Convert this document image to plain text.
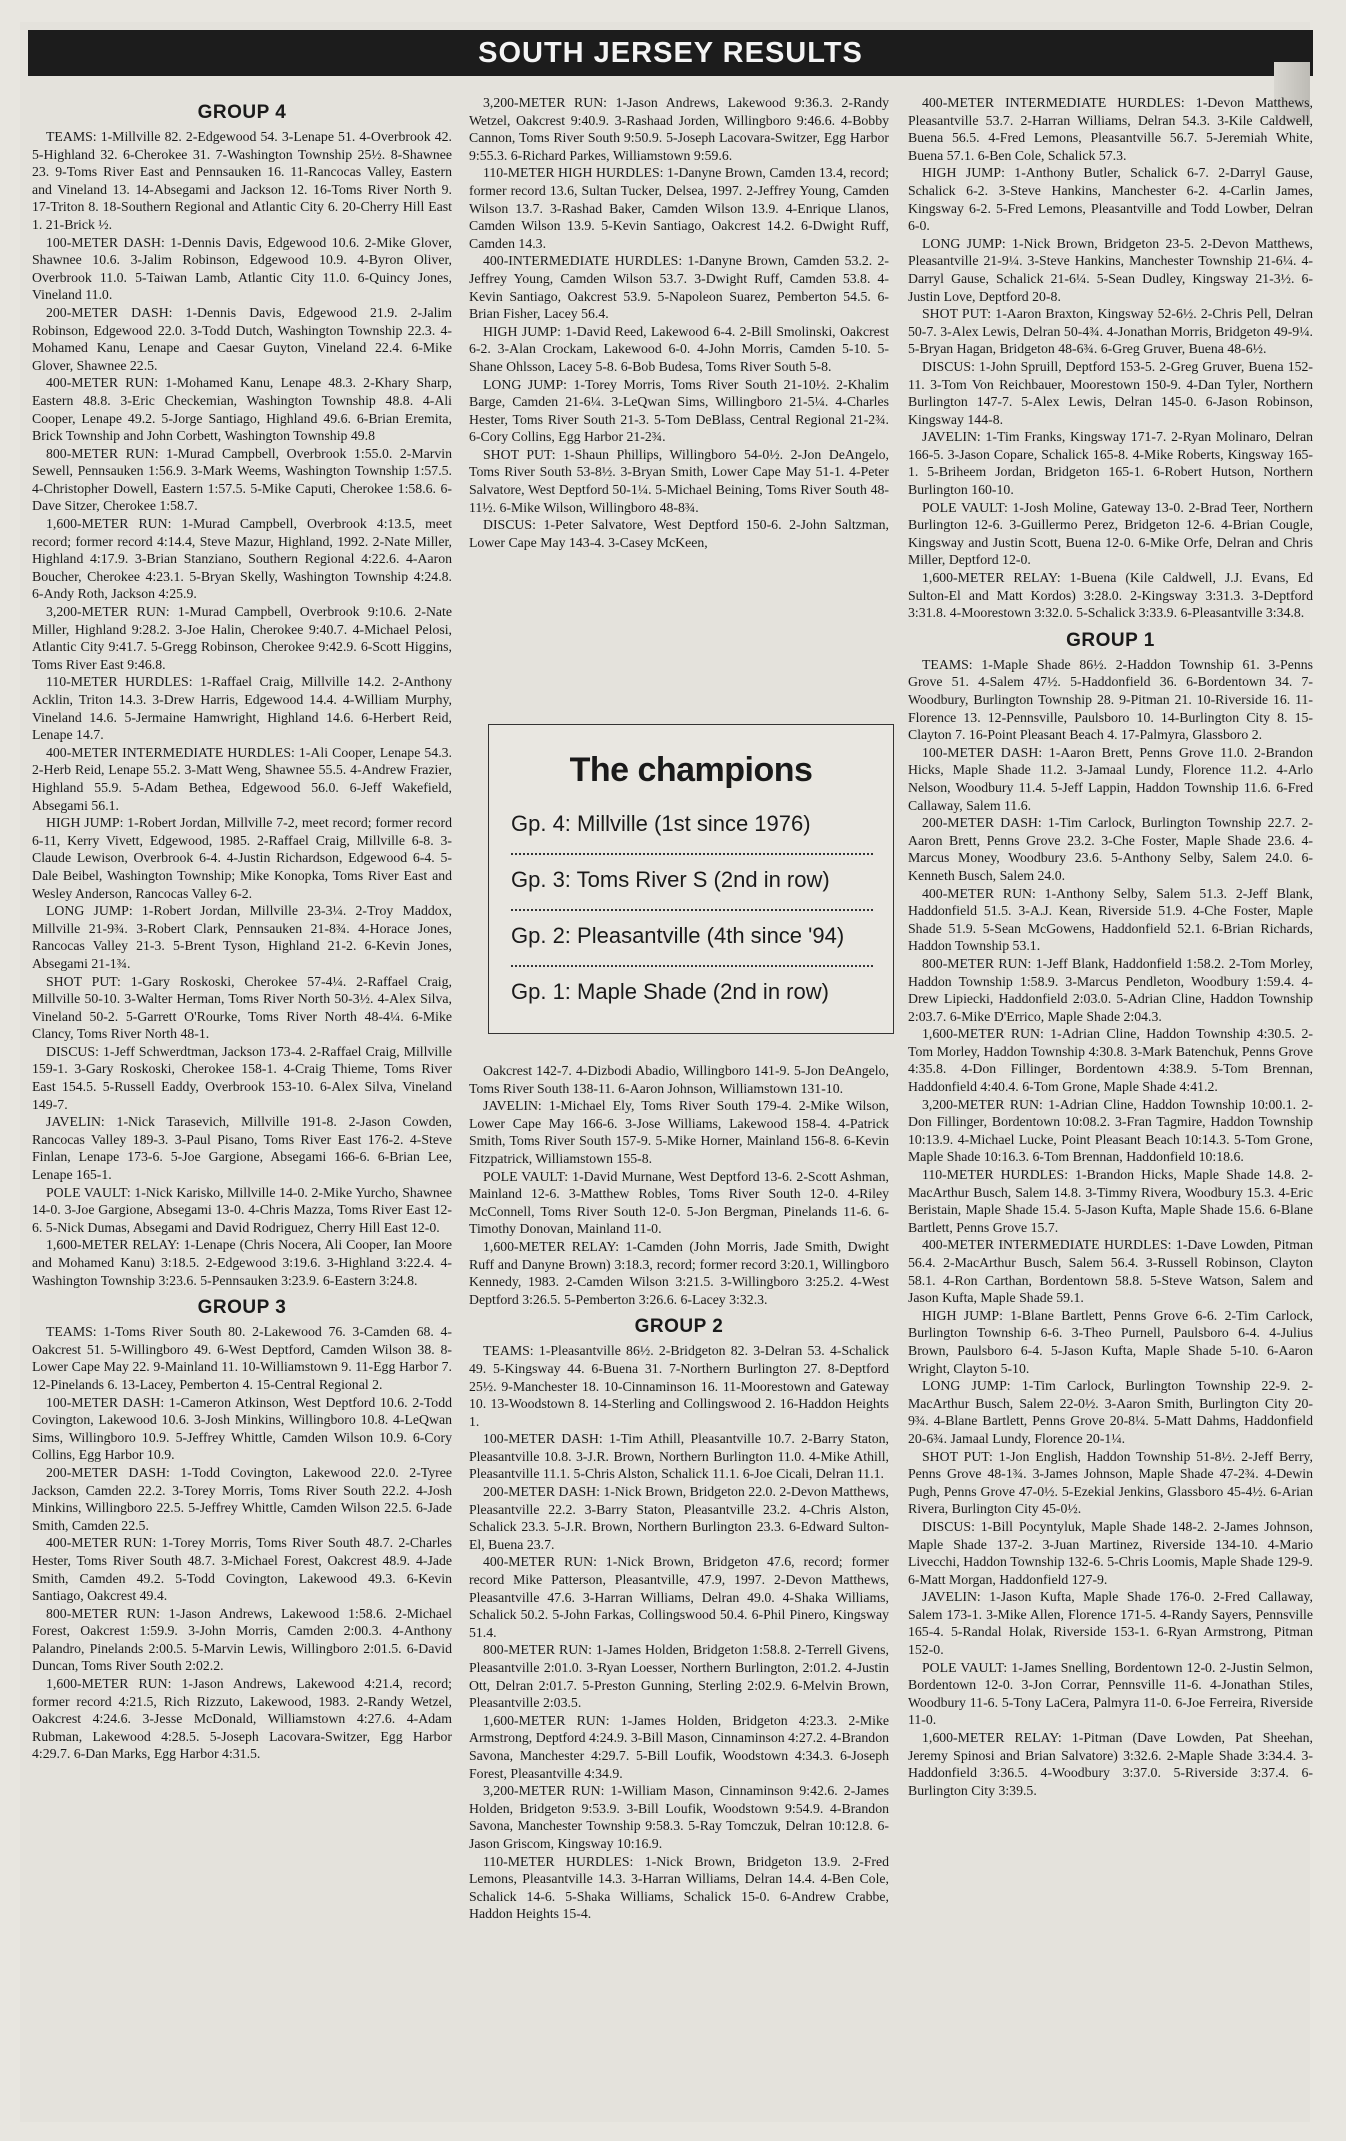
SOUTH JERSEY RESULTS
GROUP 4

TEAMS: 1-Millville 82. 2-Edgewood 54. 3-Lenape 51. 4-Overbrook 42. 5-Highland 32. 6-Cherokee 31. 7-Washington Township 25½. 8-Shawnee 23. 9-Toms River East and Pennsauken 16. 11-Rancocas Valley, Eastern and Vineland 13. 14-Absegami and Jackson 12. 16-Toms River North 9. 17-Triton 8. 18-Southern Regional and Atlantic City 6. 20-Cherry Hill East 1. 21-Brick ½.

100-METER DASH: 1-Dennis Davis, Edgewood 10.6. 2-Mike Glover, Shawnee 10.6. 3-Jalim Robinson, Edgewood 10.9. 4-Byron Oliver, Overbrook 11.0. 5-Taiwan Lamb, Atlantic City 11.0. 6-Quincy Jones, Vineland 11.0.

200-METER DASH: 1-Dennis Davis, Edgewood 21.9. 2-Jalim Robinson, Edgewood 22.0. 3-Todd Dutch, Washington Township 22.3. 4-Mohamed Kanu, Lenape and Caesar Guyton, Vineland 22.4. 6-Mike Glover, Shawnee 22.5.

400-METER RUN: 1-Mohamed Kanu, Lenape 48.3. 2-Khary Sharp, Eastern 48.8. 3-Eric Checkemian, Washington Township 48.8. 4-Ali Cooper, Lenape 49.2. 5-Jorge Santiago, Highland 49.6. 6-Brian Eremita, Brick Township and John Corbett, Washington Township 49.8

800-METER RUN: 1-Murad Campbell, Overbrook 1:55.0. 2-Marvin Sewell, Pennsauken 1:56.9. 3-Mark Weems, Washington Township 1:57.5. 4-Christopher Dowell, Eastern 1:57.5. 5-Mike Caputi, Cherokee 1:58.6. 6-Dave Sitzer, Cherokee 1:58.7.

1,600-METER RUN: 1-Murad Campbell, Overbrook 4:13.5, meet record; former record 4:14.4, Steve Mazur, Highland, 1992. 2-Nate Miller, Highland 4:17.9. 3-Brian Stanziano, Southern Regional 4:22.6. 4-Aaron Boucher, Cherokee 4:23.1. 5-Bryan Skelly, Washington Township 4:24.8. 6-Andy Roth, Jackson 4:25.9.

3,200-METER RUN: 1-Murad Campbell, Overbrook 9:10.6. 2-Nate Miller, Highland 9:28.2. 3-Joe Halin, Cherokee 9:40.7. 4-Michael Pelosi, Atlantic City 9:41.7. 5-Gregg Robinson, Cherokee 9:42.9. 6-Scott Higgins, Toms River East 9:46.8.

110-METER HURDLES: 1-Raffael Craig, Millville 14.2. 2-Anthony Acklin, Triton 14.3. 3-Drew Harris, Edgewood 14.4. 4-William Murphy, Vineland 14.6. 5-Jermaine Hamwright, Highland 14.6. 6-Herbert Reid, Lenape 14.7.

400-METER INTERMEDIATE HURDLES: 1-Ali Cooper, Lenape 54.3. 2-Herb Reid, Lenape 55.2. 3-Matt Weng, Shawnee 55.5. 4-Andrew Frazier, Highland 55.9. 5-Adam Bethea, Edgewood 56.0. 6-Jeff Wakefield, Absegami 56.1.

HIGH JUMP: 1-Robert Jordan, Millville 7-2, meet record; former record 6-11, Kerry Vivett, Edgewood, 1985. 2-Raffael Craig, Millville 6-8. 3-Claude Lewison, Overbrook 6-4. 4-Justin Richardson, Edgewood 6-4. 5-Dale Beibel, Washington Township; Mike Konopka, Toms River East and Wesley Anderson, Rancocas Valley 6-2.

LONG JUMP: 1-Robert Jordan, Millville 23-3¼. 2-Troy Maddox, Millville 21-9¾. 3-Robert Clark, Pennsauken 21-8¾. 4-Horace Jones, Rancocas Valley 21-3. 5-Brent Tyson, Highland 21-2. 6-Kevin Jones, Absegami 21-1¾.

SHOT PUT: 1-Gary Roskoski, Cherokee 57-4¼. 2-Raffael Craig, Millville 50-10. 3-Walter Herman, Toms River North 50-3½. 4-Alex Silva, Vineland 50-2. 5-Garrett O'Rourke, Toms River North 48-4¼. 6-Mike Clancy, Toms River North 48-1.

DISCUS: 1-Jeff Schwerdtman, Jackson 173-4. 2-Raffael Craig, Millville 159-1. 3-Gary Roskoski, Cherokee 158-1. 4-Craig Thieme, Toms River East 154.5. 5-Russell Eaddy, Overbrook 153-10. 6-Alex Silva, Vineland 149-7.

JAVELIN: 1-Nick Tarasevich, Millville 191-8. 2-Jason Cowden, Rancocas Valley 189-3. 3-Paul Pisano, Toms River East 176-2. 4-Steve Finlan, Lenape 173-6. 5-Joe Gargione, Absegami 166-6. 6-Brian Lee, Lenape 165-1.

POLE VAULT: 1-Nick Karisko, Millville 14-0. 2-Mike Yurcho, Shawnee 14-0. 3-Joe Gargione, Absegami 13-0. 4-Chris Mazza, Toms River East 12-6. 5-Nick Dumas, Absegami and David Rodriguez, Cherry Hill East 12-0.

1,600-METER RELAY: 1-Lenape (Chris Nocera, Ali Cooper, Ian Moore and Mohamed Kanu) 3:18.5. 2-Edgewood 3:19.6. 3-Highland 3:22.4. 4-Washington Township 3:23.6. 5-Pennsauken 3:23.9. 6-Eastern 3:24.8.

GROUP 3

TEAMS: 1-Toms River South 80. 2-Lakewood 76. 3-Camden 68. 4-Oakcrest 51. 5-Willingboro 49. 6-West Deptford, Camden Wilson 38. 8-Lower Cape May 22. 9-Mainland 11. 10-Williamstown 9. 11-Egg Harbor 7. 12-Pinelands 6. 13-Lacey, Pemberton 4. 15-Central Regional 2.

100-METER DASH: 1-Cameron Atkinson, West Deptford 10.6. 2-Todd Covington, Lakewood 10.6. 3-Josh Minkins, Willingboro 10.8. 4-LeQwan Sims, Willingboro 10.9. 5-Jeffrey Whittle, Camden Wilson 10.9. 6-Cory Collins, Egg Harbor 10.9.

200-METER DASH: 1-Todd Covington, Lakewood 22.0. 2-Tyree Jackson, Camden 22.2. 3-Torey Morris, Toms River South 22.2. 4-Josh Minkins, Willingboro 22.5. 5-Jeffrey Whittle, Camden Wilson 22.5. 6-Jade Smith, Camden 22.5.

400-METER RUN: 1-Torey Morris, Toms River South 48.7. 2-Charles Hester, Toms River South 48.7. 3-Michael Forest, Oakcrest 48.9. 4-Jade Smith, Camden 49.2. 5-Todd Covington, Lakewood 49.3. 6-Kevin Santiago, Oakcrest 49.4.

800-METER RUN: 1-Jason Andrews, Lakewood 1:58.6. 2-Michael Forest, Oakcrest 1:59.9. 3-John Morris, Camden 2:00.3. 4-Anthony Palandro, Pinelands 2:00.5. 5-Marvin Lewis, Willingboro 2:01.5. 6-David Duncan, Toms River South 2:02.2.

1,600-METER RUN: 1-Jason Andrews, Lakewood 4:21.4, record; former record 4:21.5, Rich Rizzuto, Lakewood, 1983. 2-Randy Wetzel, Oakcrest 4:24.6. 3-Jesse McDonald, Williamstown 4:27.6. 4-Adam Rubman, Lakewood 4:28.5. 5-Joseph Lacovara-Switzer, Egg Harbor 4:29.7. 6-Dan Marks, Egg Harbor 4:31.5.

3,200-METER RUN: 1-Jason Andrews, Lakewood 9:36.3. 2-Randy Wetzel, Oakcrest 9:40.9. 3-Rashaad Jorden, Willingboro 9:46.6. 4-Bobby Cannon, Toms River South 9:50.9. 5-Joseph Lacovara-Switzer, Egg Harbor 9:55.3. 6-Richard Parkes, Williamstown 9:59.6.

110-METER HIGH HURDLES: 1-Danyne Brown, Camden 13.4, record; former record 13.6, Sultan Tucker, Delsea, 1997. 2-Jeffrey Young, Camden Wilson 13.7. 3-Rashad Baker, Camden Wilson 13.9. 4-Enrique Llanos, Camden Wilson 13.9. 5-Kevin Santiago, Oakcrest 14.2. 6-Dwight Ruff, Camden 14.3.

400-INTERMEDIATE HURDLES: 1-Danyne Brown, Camden 53.2. 2-Jeffrey Young, Camden Wilson 53.7. 3-Dwight Ruff, Camden 53.8. 4-Kevin Santiago, Oakcrest 53.9. 5-Napoleon Suarez, Pemberton 54.5. 6-Brian Fisher, Lacey 56.4.

HIGH JUMP: 1-David Reed, Lakewood 6-4. 2-Bill Smolinski, Oakcrest 6-2. 3-Alan Crockam, Lakewood 6-0. 4-John Morris, Camden 5-10. 5-Shane Ohlsson, Lacey 5-8. 6-Bob Budesa, Toms River South 5-8.

LONG JUMP: 1-Torey Morris, Toms River South 21-10½. 2-Khalim Barge, Camden 21-6¼. 3-LeQwan Sims, Willingboro 21-5¼. 4-Charles Hester, Toms River South 21-3. 5-Tom DeBlass, Central Regional 21-2¾. 6-Cory Collins, Egg Harbor 21-2¾.

SHOT PUT: 1-Shaun Phillips, Willingboro 54-0½. 2-Jon DeAngelo, Toms River South 53-8½. 3-Bryan Smith, Lower Cape May 51-1. 4-Peter Salvatore, West Deptford 50-1¼. 5-Michael Beining, Toms River South 48-11½. 6-Mike Wilson, Willingboro 48-8¾.

DISCUS: 1-Peter Salvatore, West Deptford 150-6. 2-John Saltzman, Lower Cape May 143-4. 3-Casey McKeen,

The champions
Gp. 4: Millville (1st since 1976)
Gp. 3: Toms River S (2nd in row)
Gp. 2: Pleasantville (4th since '94)
Gp. 1: Maple Shade (2nd in row)

Oakcrest 142-7. 4-Dizbodi Abadio, Willingboro 141-9. 5-Jon DeAngelo, Toms River South 138-11. 6-Aaron Johnson, Williamstown 131-10.

JAVELIN: 1-Michael Ely, Toms River South 179-4. 2-Mike Wilson, Lower Cape May 166-6. 3-Jose Williams, Lakewood 158-4. 4-Patrick Smith, Toms River South 157-9. 5-Mike Horner, Mainland 156-8. 6-Kevin Fitzpatrick, Williamstown 155-8.

POLE VAULT: 1-David Murnane, West Deptford 13-6. 2-Scott Ashman, Mainland 12-6. 3-Matthew Robles, Toms River South 12-0. 4-Riley McConnell, Toms River South 12-0. 5-Jon Bergman, Pinelands 11-6. 6-Timothy Donovan, Mainland 11-0.

1,600-METER RELAY: 1-Camden (John Morris, Jade Smith, Dwight Ruff and Danyne Brown) 3:18.3, record; former record 3:20.1, Willingboro Kennedy, 1983. 2-Camden Wilson 3:21.5. 3-Willingboro 3:25.2. 4-West Deptford 3:26.5. 5-Pemberton 3:26.6. 6-Lacey 3:32.3.

GROUP 2

TEAMS: 1-Pleasantville 86½. 2-Bridgeton 82. 3-Delran 53. 4-Schalick 49. 5-Kingsway 44. 6-Buena 31. 7-Northern Burlington 27. 8-Deptford 25½. 9-Manchester 18. 10-Cinnaminson 16. 11-Moorestown and Gateway 10. 13-Woodstown 8. 14-Sterling and Collingswood 2. 16-Haddon Heights 1.

100-METER DASH: 1-Tim Athill, Pleasantville 10.7. 2-Barry Staton, Pleasantville 10.8. 3-J.R. Brown, Northern Burlington 11.0. 4-Mike Athill, Pleasantville 11.1. 5-Chris Alston, Schalick 11.1. 6-Joe Cicali, Delran 11.1.

200-METER DASH: 1-Nick Brown, Bridgeton 22.0. 2-Devon Matthews, Pleasantville 22.2. 3-Barry Staton, Pleasantville 23.2. 4-Chris Alston, Schalick 23.3. 5-J.R. Brown, Northern Burlington 23.3. 6-Edward Sulton-El, Buena 23.7.

400-METER RUN: 1-Nick Brown, Bridgeton 47.6, record; former record Mike Patterson, Pleasantville, 47.9, 1997. 2-Devon Matthews, Pleasantville 47.6. 3-Harran Williams, Delran 49.0. 4-Shaka Williams, Schalick 50.2. 5-John Farkas, Collingswood 50.4. 6-Phil Pinero, Kingsway 51.4.

800-METER RUN: 1-James Holden, Bridgeton 1:58.8. 2-Terrell Givens, Pleasantville 2:01.0. 3-Ryan Loesser, Northern Burlington, 2:01.2. 4-Justin Ott, Delran 2:01.7. 5-Preston Gunning, Sterling 2:02.9. 6-Melvin Brown, Pleasantville 2:03.5.

1,600-METER RUN: 1-James Holden, Bridgeton 4:23.3. 2-Mike Armstrong, Deptford 4:24.9. 3-Bill Mason, Cinnaminson 4:27.2. 4-Brandon Savona, Manchester 4:29.7. 5-Bill Loufik, Woodstown 4:34.3. 6-Joseph Forest, Pleasantville 4:34.9.

3,200-METER RUN: 1-William Mason, Cinnaminson 9:42.6. 2-James Holden, Bridgeton 9:53.9. 3-Bill Loufik, Woodstown 9:54.9. 4-Brandon Savona, Manchester Township 9:58.3. 5-Ray Tomczuk, Delran 10:12.8. 6-Jason Griscom, Kingsway 10:16.9.

110-METER HURDLES: 1-Nick Brown, Bridgeton 13.9. 2-Fred Lemons, Pleasantville 14.3. 3-Harran Williams, Delran 14.4. 4-Ben Cole, Schalick 14-6. 5-Shaka Williams, Schalick 15-0. 6-Andrew Crabbe, Haddon Heights 15-4.

400-METER INTERMEDIATE HURDLES: 1-Devon Matthews, Pleasantville 53.7. 2-Harran Williams, Delran 54.3. 3-Kile Caldwell, Buena 56.5. 4-Fred Lemons, Pleasantville 56.7. 5-Jeremiah White, Buena 57.1. 6-Ben Cole, Schalick 57.3.

HIGH JUMP: 1-Anthony Butler, Schalick 6-7. 2-Darryl Gause, Schalick 6-2. 3-Steve Hankins, Manchester 6-2. 4-Carlin James, Kingsway 6-2. 5-Fred Lemons, Pleasantville and Todd Lowber, Delran 6-0.

LONG JUMP: 1-Nick Brown, Bridgeton 23-5. 2-Devon Matthews, Pleasantville 21-9¼. 3-Steve Hankins, Manchester Township 21-6¼. 4-Darryl Gause, Schalick 21-6¼. 5-Sean Dudley, Kingsway 21-3½. 6-Justin Love, Deptford 20-8.

SHOT PUT: 1-Aaron Braxton, Kingsway 52-6½. 2-Chris Pell, Delran 50-7. 3-Alex Lewis, Delran 50-4¾. 4-Jonathan Morris, Bridgeton 49-9¼. 5-Bryan Hagan, Bridgeton 48-6¾. 6-Greg Gruver, Buena 48-6½.

DISCUS: 1-John Spruill, Deptford 153-5. 2-Greg Gruver, Buena 152-11. 3-Tom Von Reichbauer, Moorestown 150-9. 4-Dan Tyler, Northern Burlington 147-7. 5-Alex Lewis, Delran 145-0. 6-Jason Robinson, Kingsway 144-8.

JAVELIN: 1-Tim Franks, Kingsway 171-7. 2-Ryan Molinaro, Delran 166-5. 3-Jason Copare, Schalick 165-8. 4-Mike Roberts, Kingsway 165-1. 5-Briheem Jordan, Bridgeton 165-1. 6-Robert Hutson, Northern Burlington 160-10.

POLE VAULT: 1-Josh Moline, Gateway 13-0. 2-Brad Teer, Northern Burlington 12-6. 3-Guillermo Perez, Bridgeton 12-6. 4-Brian Cougle, Kingsway and Justin Scott, Buena 12-0. 6-Mike Orfe, Delran and Chris Miller, Deptford 12-0.

1,600-METER RELAY: 1-Buena (Kile Caldwell, J.J. Evans, Ed Sulton-El and Matt Kordos) 3:28.0. 2-Kingsway 3:31.3. 3-Deptford 3:31.8. 4-Moorestown 3:32.0. 5-Schalick 3:33.9. 6-Pleasantville 3:34.8.

GROUP 1

TEAMS: 1-Maple Shade 86½. 2-Haddon Township 61. 3-Penns Grove 51. 4-Salem 47½. 5-Haddonfield 36. 6-Bordentown 34. 7-Woodbury, Burlington Township 28. 9-Pitman 21. 10-Riverside 16. 11-Florence 13. 12-Pennsville, Paulsboro 10. 14-Burlington City 8. 15-Clayton 7. 16-Point Pleasant Beach 4. 17-Palmyra, Glassboro 2.

100-METER DASH: 1-Aaron Brett, Penns Grove 11.0. 2-Brandon Hicks, Maple Shade 11.2. 3-Jamaal Lundy, Florence 11.2. 4-Arlo Nelson, Woodbury 11.4. 5-Jeff Lappin, Haddon Township 11.6. 6-Fred Callaway, Salem 11.6.

200-METER DASH: 1-Tim Carlock, Burlington Township 22.7. 2-Aaron Brett, Penns Grove 23.2. 3-Che Foster, Maple Shade 23.6. 4-Marcus Money, Woodbury 23.6. 5-Anthony Selby, Salem 24.0. 6-Kenneth Busch, Salem 24.0.

400-METER RUN: 1-Anthony Selby, Salem 51.3. 2-Jeff Blank, Haddonfield 51.5. 3-A.J. Kean, Riverside 51.9. 4-Che Foster, Maple Shade 51.9. 5-Sean McGowens, Haddonfield 52.1. 6-Brian Richards, Haddon Township 53.1.

800-METER RUN: 1-Jeff Blank, Haddonfield 1:58.2. 2-Tom Morley, Haddon Township 1:58.9. 3-Marcus Pendleton, Woodbury 1:59.4. 4-Drew Lipiecki, Haddonfield 2:03.0. 5-Adrian Cline, Haddon Township 2:03.7. 6-Mike D'Errico, Maple Shade 2:04.3.

1,600-METER RUN: 1-Adrian Cline, Haddon Township 4:30.5. 2-Tom Morley, Haddon Township 4:30.8. 3-Mark Batenchuk, Penns Grove 4:35.8. 4-Don Fillinger, Bordentown 4:38.9. 5-Tom Brennan, Haddonfield 4:40.4. 6-Tom Grone, Maple Shade 4:41.2.

3,200-METER RUN: 1-Adrian Cline, Haddon Township 10:00.1. 2-Don Fillinger, Bordentown 10:08.2. 3-Fran Tagmire, Haddon Township 10:13.9. 4-Michael Lucke, Point Pleasant Beach 10:14.3. 5-Tom Grone, Maple Shade 10:16.3. 6-Tom Brennan, Haddonfield 10:18.6.

110-METER HURDLES: 1-Brandon Hicks, Maple Shade 14.8. 2-MacArthur Busch, Salem 14.8. 3-Timmy Rivera, Woodbury 15.3. 4-Eric Beristain, Maple Shade 15.4. 5-Jason Kufta, Maple Shade 15.6. 6-Blane Bartlett, Penns Grove 15.7.

400-METER INTERMEDIATE HURDLES: 1-Dave Lowden, Pitman 56.4. 2-MacArthur Busch, Salem 56.4. 3-Russell Robinson, Clayton 58.1. 4-Ron Carthan, Bordentown 58.8. 5-Steve Watson, Salem and Jason Kufta, Maple Shade 59.1.

HIGH JUMP: 1-Blane Bartlett, Penns Grove 6-6. 2-Tim Carlock, Burlington Township 6-6. 3-Theo Purnell, Paulsboro 6-4. 4-Julius Brown, Paulsboro 6-4. 5-Jason Kufta, Maple Shade 5-10. 6-Aaron Wright, Clayton 5-10.

LONG JUMP: 1-Tim Carlock, Burlington Township 22-9. 2-MacArthur Busch, Salem 22-0½. 3-Aaron Smith, Burlington City 20-9¾. 4-Blane Bartlett, Penns Grove 20-8¼. 5-Matt Dahms, Haddonfield 20-6¾. Jamaal Lundy, Florence 20-1¼.

SHOT PUT: 1-Jon English, Haddon Township 51-8½. 2-Jeff Berry, Penns Grove 48-1¾. 3-James Johnson, Maple Shade 47-2¾. 4-Dewin Pugh, Penns Grove 47-0½. 5-Ezekial Jenkins, Glassboro 45-4½. 6-Arian Rivera, Burlington City 45-0½.

DISCUS: 1-Bill Pocyntyluk, Maple Shade 148-2. 2-James Johnson, Maple Shade 137-2. 3-Juan Martinez, Riverside 134-10. 4-Mario Livecchi, Haddon Township 132-6. 5-Chris Loomis, Maple Shade 129-9. 6-Matt Morgan, Haddonfield 127-9.

JAVELIN: 1-Jason Kufta, Maple Shade 176-0. 2-Fred Callaway, Salem 173-1. 3-Mike Allen, Florence 171-5. 4-Randy Sayers, Pennsville 165-4. 5-Randal Holak, Riverside 153-1. 6-Ryan Armstrong, Pitman 152-0.

POLE VAULT: 1-James Snelling, Bordentown 12-0. 2-Justin Selmon, Bordentown 12-0. 3-Jon Corrar, Pennsville 11-6. 4-Jonathan Stiles, Woodbury 11-6. 5-Tony LaCera, Palmyra 11-0. 6-Joe Ferreira, Riverside 11-0.

1,600-METER RELAY: 1-Pitman (Dave Lowden, Pat Sheehan, Jeremy Spinosi and Brian Salvatore) 3:32.6. 2-Maple Shade 3:34.4. 3-Haddonfield 3:36.5. 4-Woodbury 3:37.0. 5-Riverside 3:37.4. 6-Burlington City 3:39.5.
